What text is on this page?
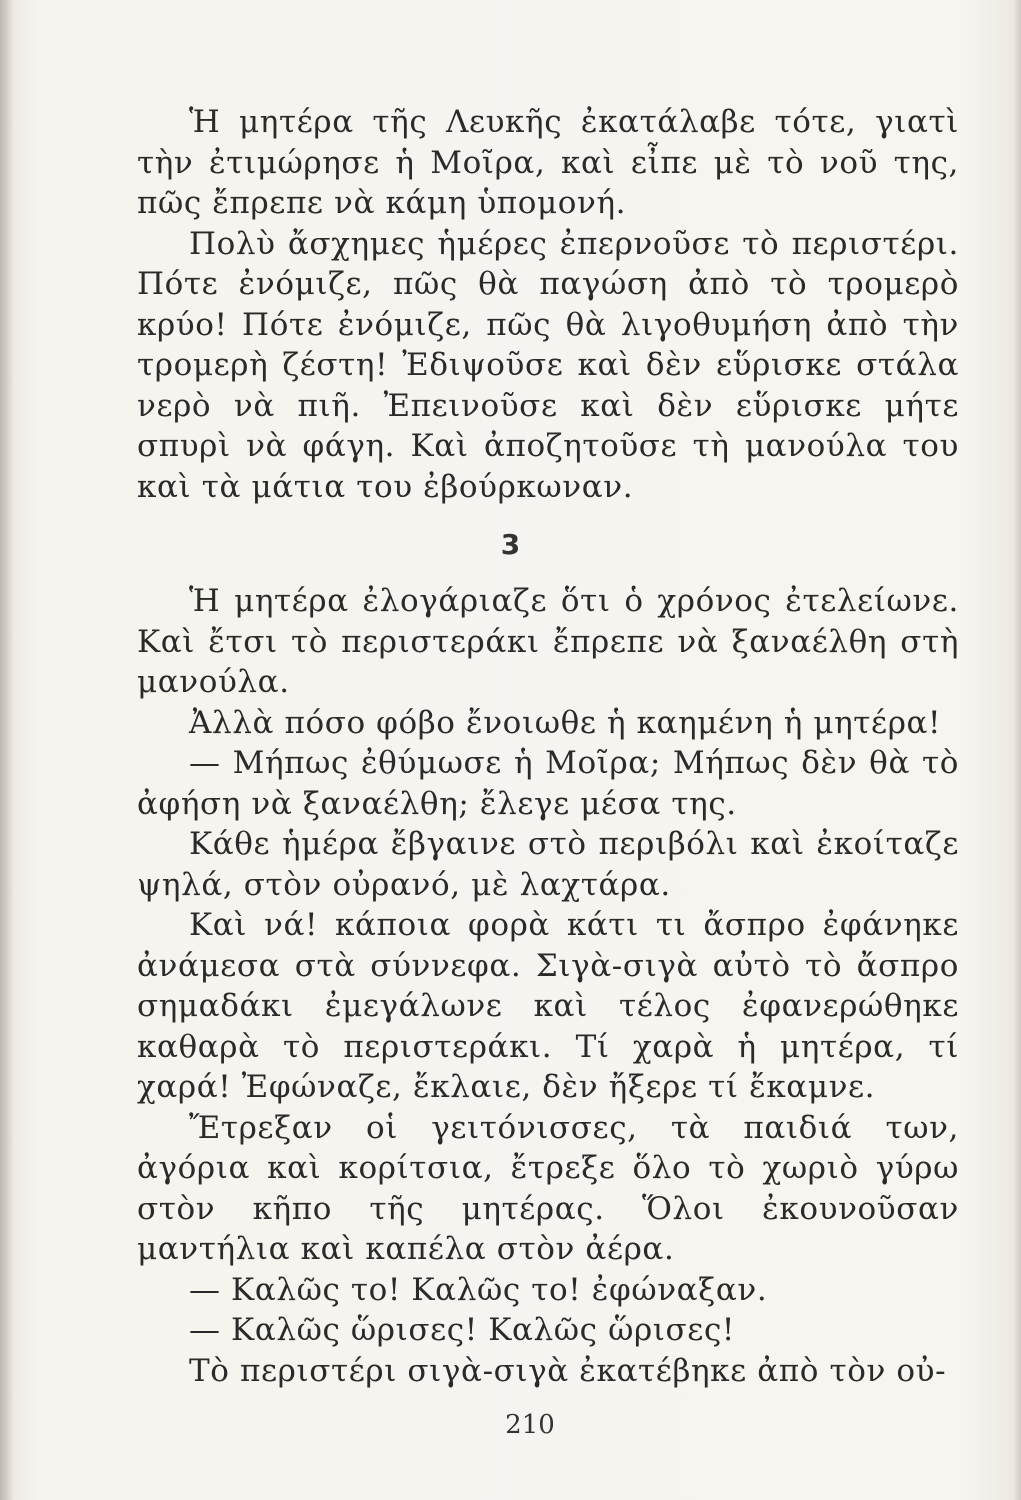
Ἡ μητέρα τῆς Λευκῆς ἐκατάλαβε τότε, γιατὶ τὴν ἐτιμώρησε ἡ Μοῖρα, καὶ εἶπε μὲ τὸ νοῦ της, πῶς ἔπρεπε νὰ κάμη ὑπομονή.

Πολὺ ἄσχημες ἡμέρες ἐπερνοῦσε τὸ περιστέρι. Πότε ἐνόμιζε, πῶς θὰ παγώση ἀπὸ τὸ τρομερὸ κρύο! Πότε ἐνόμιζε, πῶς θὰ λιγοθυμήση ἀπὸ τὴν τρομερὴ ζέστη! Ἐδιψοῦσε καὶ δὲν εὕρισκε στάλα νερὸ νὰ πιῆ. Ἐπεινοῦσε καὶ δὲν εὕρισκε μήτε σπυρὶ νὰ φάγη. Καὶ ἀποζητοῦσε τὴ μανούλα του καὶ τὰ μάτια του ἐβούρκωναν.

3

Ἡ μητέρα ἐλογάριαζε ὅτι ὁ χρόνος ἐτελείωνε. Καὶ ἔτσι τὸ περιστεράκι ἔπρεπε νὰ ξαναέλθη στὴ μανούλα.

Ἀλλὰ πόσο φόβο ἔνοιωθε ἡ καημένη ἡ μητέρα!

— Μήπως ἐθύμωσε ἡ Μοῖρα; Μήπως δὲν θὰ τὸ ἀφήση νὰ ξαναέλθη; ἔλεγε μέσα της.

Κάθε ἡμέρα ἔβγαινε στὸ περιβόλι καὶ ἐκοίταζε ψηλά, στὸν οὐρανό, μὲ λαχτάρα.

Καὶ νά! κάποια φορὰ κάτι τι ἄσπρο ἐφάνηκε ἀνάμεσα στὰ σύννεφα. Σιγὰ-σιγὰ αὐτὸ τὸ ἄσπρο σημαδάκι ἐμεγάλωνε καὶ τέλος ἐφανερώθηκε καθαρὰ τὸ περιστεράκι. Τί χαρὰ ἡ μητέρα, τί χαρά! Ἐφώναζε, ἔκλαιε, δὲν ἤξερε τί ἔκαμνε.

Ἔτρεξαν οἱ γειτόνισσες, τὰ παιδιά των, ἀγόρια καὶ κορίτσια, ἔτρεξε ὅλο τὸ χωριὸ γύρω στὸν κῆπο τῆς μητέρας. Ὅλοι ἐκουνοῦσαν μαντήλια καὶ καπέλα στὸν ἀέρα.

— Καλῶς το! Καλῶς το! ἐφώναξαν.

— Καλῶς ὥρισες! Καλῶς ὥρισες!

Τὸ περιστέρι σιγὰ-σιγὰ ἐκατέβηκε ἀπὸ τὸν οὐ-

210
